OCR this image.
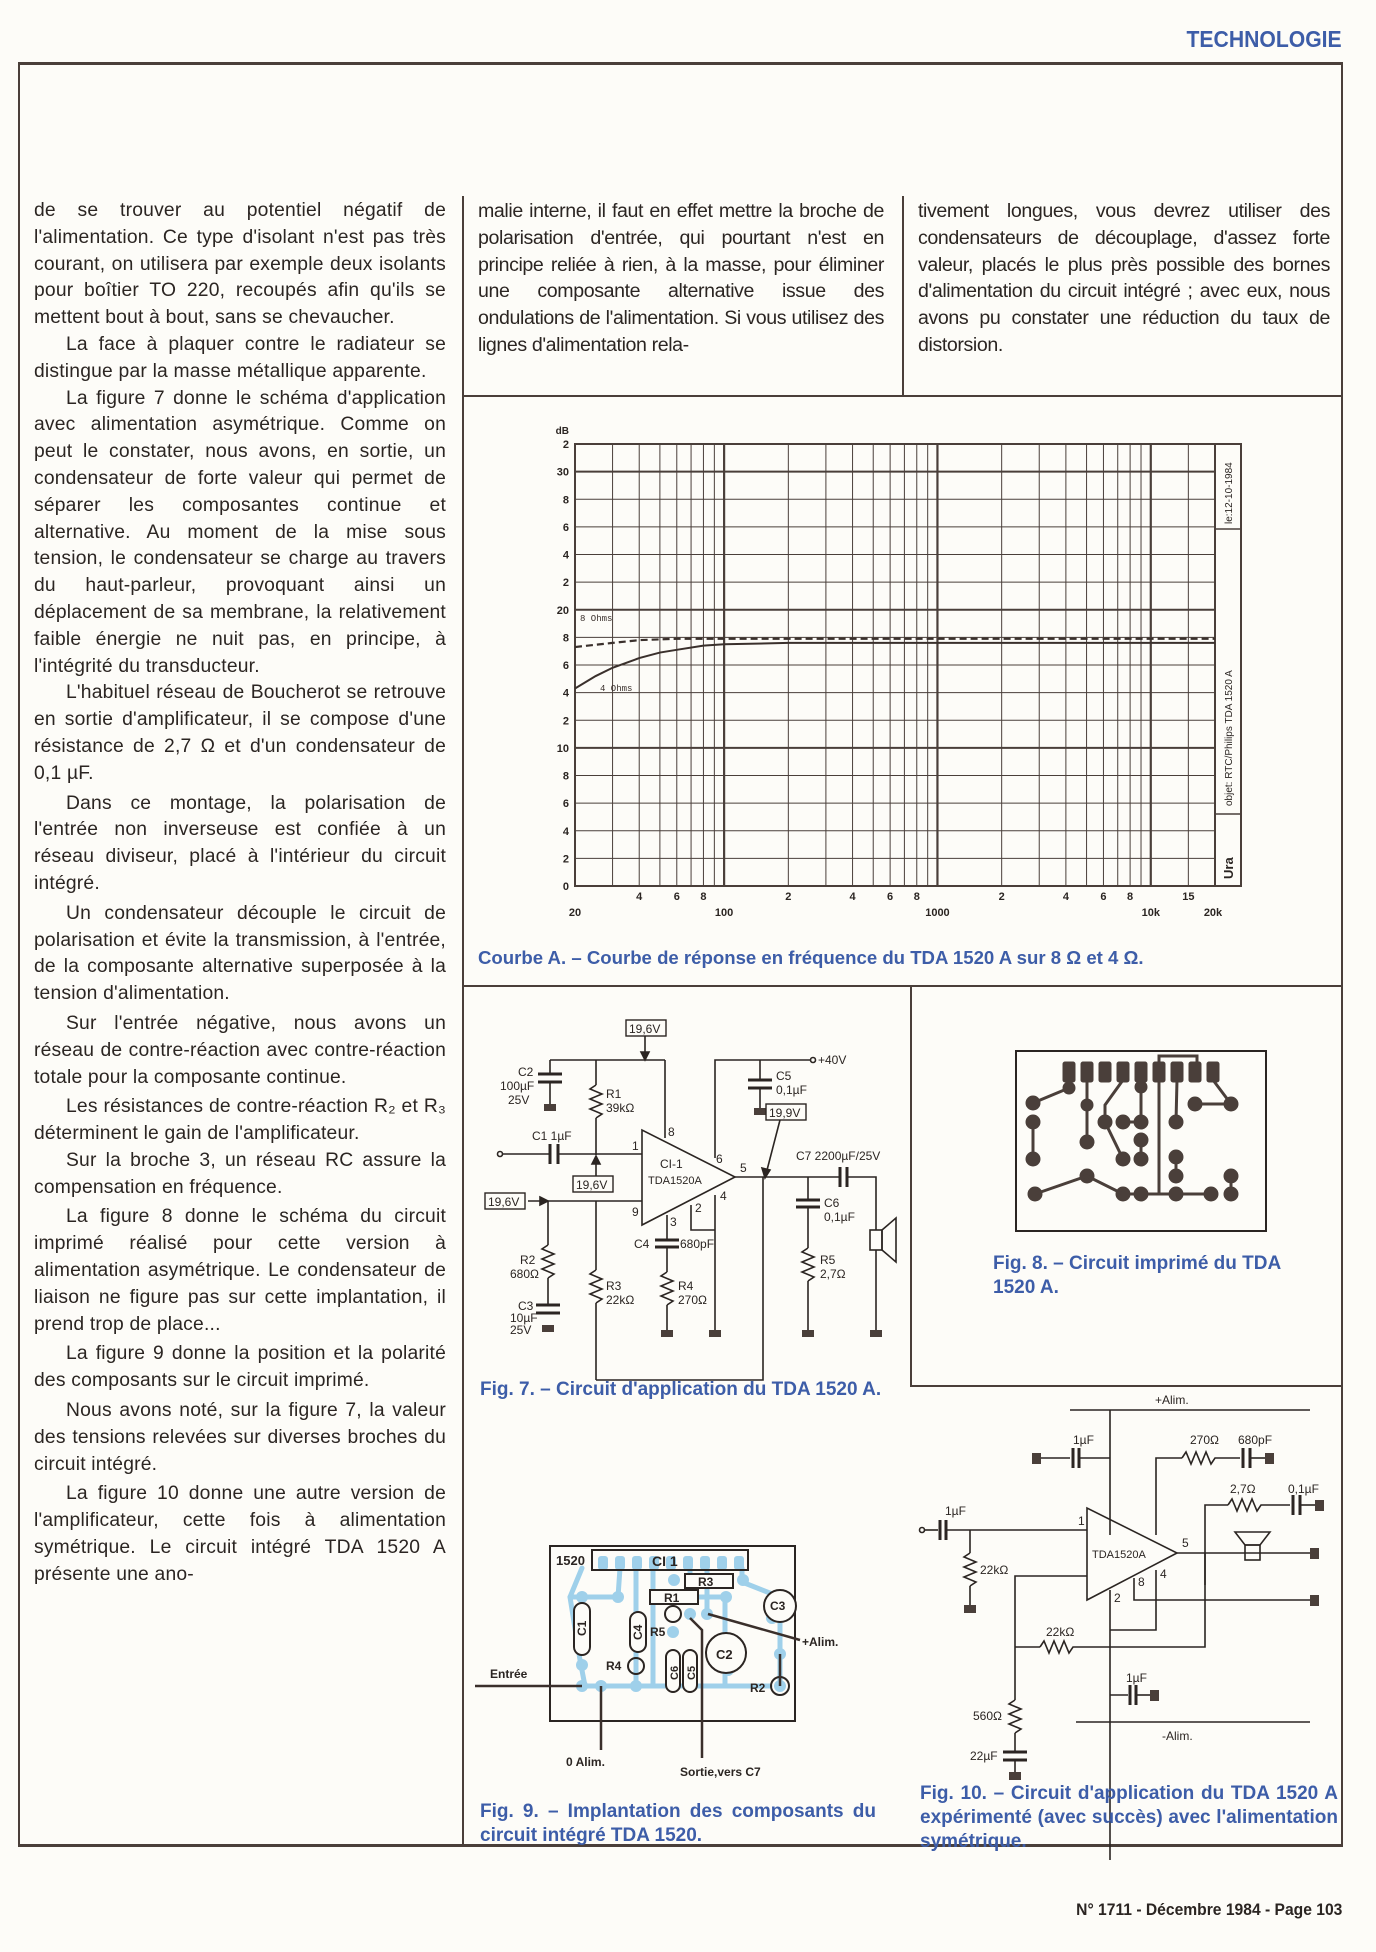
TECHNOLOGIE

de se trouver au potentiel négatif de l'alimentation. Ce type d'isolant n'est pas très courant, on utilisera par exemple deux isolants pour boîtier TO 220, recoupés afin qu'ils se mettent bout à bout, sans se chevaucher.

La face à plaquer contre le radiateur se distingue par la masse métallique apparente.

La figure 7 donne le schéma d'application avec alimentation asymétrique. Comme on peut le constater, nous avons, en sortie, un condensateur de forte valeur qui permet de séparer les composantes continue et alternative. Au moment de la mise sous tension, le condensateur se charge au travers du haut-parleur, provoquant ainsi un déplacement de sa membrane, la relativement faible énergie ne nuit pas, en principe, à l'intégrité du transducteur.

L'habituel réseau de Boucherot se retrouve en sortie d'amplificateur, il se compose d'une résistance de 2,7 Ω et d'un condensateur de 0,1 µF.

Dans ce montage, la polarisation de l'entrée non inverseuse est confiée à un réseau diviseur, placé à l'intérieur du circuit intégré.

Un condensateur découple le circuit de polarisation et évite la transmission, à l'entrée, de la composante alternative superposée à la tension d'alimentation.

Sur l'entrée négative, nous avons un réseau de contre-réaction avec contre-réaction totale pour la composante continue.

Les résistances de contre-réaction R₂ et R₃ déterminent le gain de l'amplificateur.

Sur la broche 3, un réseau RC assure la compensation en fréquence.

La figure 8 donne le schéma du circuit imprimé réalisé pour cette version à alimentation asymétrique. Le condensateur de liaison ne figure pas sur cette implantation, il prend trop de place...

La figure 9 donne la position et la polarité des composants sur le circuit imprimé.

Nous avons noté, sur la figure 7, la valeur des tensions relevées sur diverses broches du circuit intégré.

La figure 10 donne une autre version de l'amplificateur, cette fois à alimentation symétrique. Le circuit intégré TDA 1520 A présente une ano-

malie interne, il faut en effet mettre la broche de polarisation d'entrée, qui pourtant n'est en principe reliée à rien, à la masse, pour éliminer une composante alternative issue des ondulations de l'alimentation. Si vous utilisez des lignes d'alimentation rela-

tivement longues, vous devrez utiliser des condensateurs de découplage, d'assez forte valeur, placés le plus près possible des bornes d'alimentation du circuit intégré ; avec eux, nous avons pu constater une réduction du taux de distorsion.

le:12-10-1984
objet: RTC/Philips TDA 1520 A
Ura
0
2
4
6
8
10
2
4
6
8
20
2
4
6
8
30
2
dB
4	6 8	2	4	6 8	2	4	6 8	15
20	100	1000	10k	20k
8 Ohms
4 Ohms
Courbe A. – Courbe de réponse en fréquence du TDA 1520 A sur 8 Ω et 4 Ω.
19,6V
19,6V
19,6V
19,9V
+40V
C2
100µF
25V	R1
39kΩ
C1 1µF
C5
0,1µF
CI-1
TDA1520A
C7 2200µF/25V
C6
0,1µF
C4	680pF
R2
680Ω
R3
22kΩ
R4
270Ω
R5
2,7Ω
C3
10µF
25V
1
8
6
5
4
2
3
9
Fig. 7. – Circuit d'application du TDA 1520 A.
Fig. 8. – Circuit imprimé du TDA 1520 A.
1520	CI 1
R3
R1
C3
C1	C4 R5
C2
C6 C5
R4
R2
Entrée
0 Alim.
Sortie,vers C7
+Alim.
Fig. 9. – Implantation des composants du circuit intégré TDA 1520.
+Alim.
-Alim.
1µF	270Ω 680pF
2,7Ω	0,1µF
1µF
22kΩ
TDA1520A
22kΩ
560Ω
22µF
1µF
1
5
4
8
2
Fig. 10. – Circuit d'application du TDA 1520 A expérimenté (avec succès) avec l'alimentation symétrique.
N° 1711 - Décembre 1984 - Page 103
